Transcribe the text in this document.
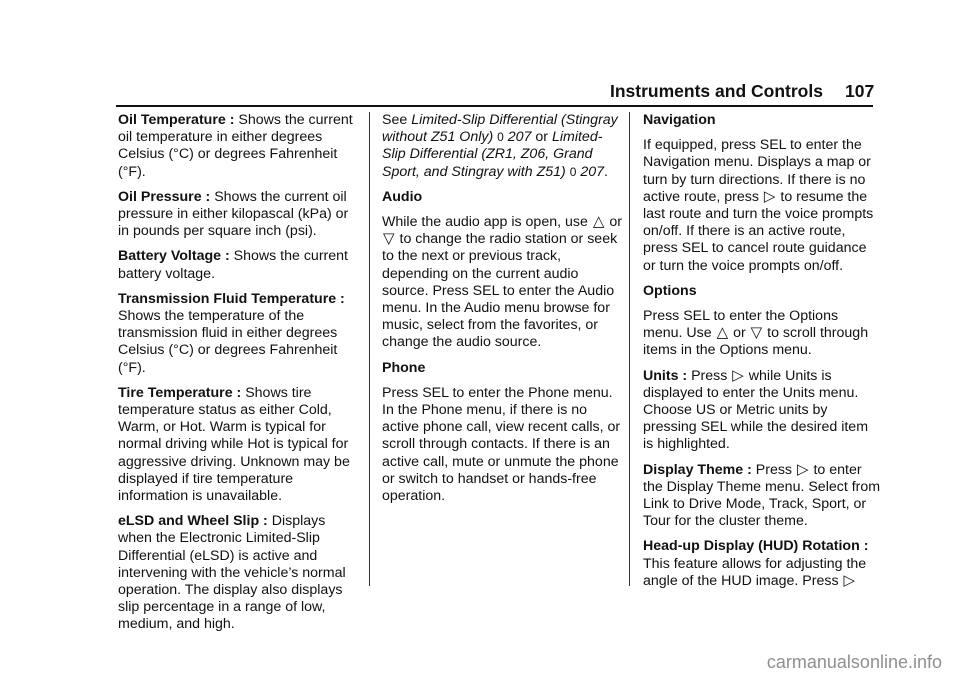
Instruments and Controls 107

Oil Temperature : Shows the current oil temperature in either degrees Celsius (°C) or degrees Fahrenheit (°F).

Oil Pressure : Shows the current oil pressure in either kilopascal (kPa) or in pounds per square inch (psi).

Battery Voltage : Shows the current battery voltage.

Transmission Fluid Temperature : Shows the temperature of the transmission fluid in either degrees Celsius (°C) or degrees Fahrenheit (°F).

Tire Temperature : Shows tire temperature status as either Cold, Warm, or Hot. Warm is typical for normal driving while Hot is typical for aggressive driving. Unknown may be displayed if tire temperature information is unavailable.

eLSD and Wheel Slip : Displays when the Electronic Limited-Slip Differential (eLSD) is active and intervening with the vehicle’s normal operation. The display also displays slip percentage in a range of low, medium, and high.

See Limited-Slip Differential (Stingray without Z51 Only) 0 207 or Limited-Slip Differential (ZR1, Z06, Grand Sport, and Stingray with Z51) 0 207.

Audio

While the audio app is open, use △ or ▽ to change the radio station or seek to the next or previous track, depending on the current audio source. Press SEL to enter the Audio menu. In the Audio menu browse for music, select from the favorites, or change the audio source.

Phone

Press SEL to enter the Phone menu. In the Phone menu, if there is no active phone call, view recent calls, or scroll through contacts. If there is an active call, mute or unmute the phone or switch to handset or hands-free operation.

Navigation

If equipped, press SEL to enter the Navigation menu. Displays a map or turn by turn directions. If there is no active route, press ▷ to resume the last route and turn the voice prompts on/off. If there is an active route, press SEL to cancel route guidance or turn the voice prompts on/off.

Options

Press SEL to enter the Options menu. Use △ or ▽ to scroll through items in the Options menu.

Units : Press ▷ while Units is displayed to enter the Units menu. Choose US or Metric units by pressing SEL while the desired item is highlighted.

Display Theme : Press ▷ to enter the Display Theme menu. Select from Link to Drive Mode, Track, Sport, or Tour for the cluster theme.

Head-up Display (HUD) Rotation : This feature allows for adjusting the angle of the HUD image. Press ▷

carmanualsonline.info
